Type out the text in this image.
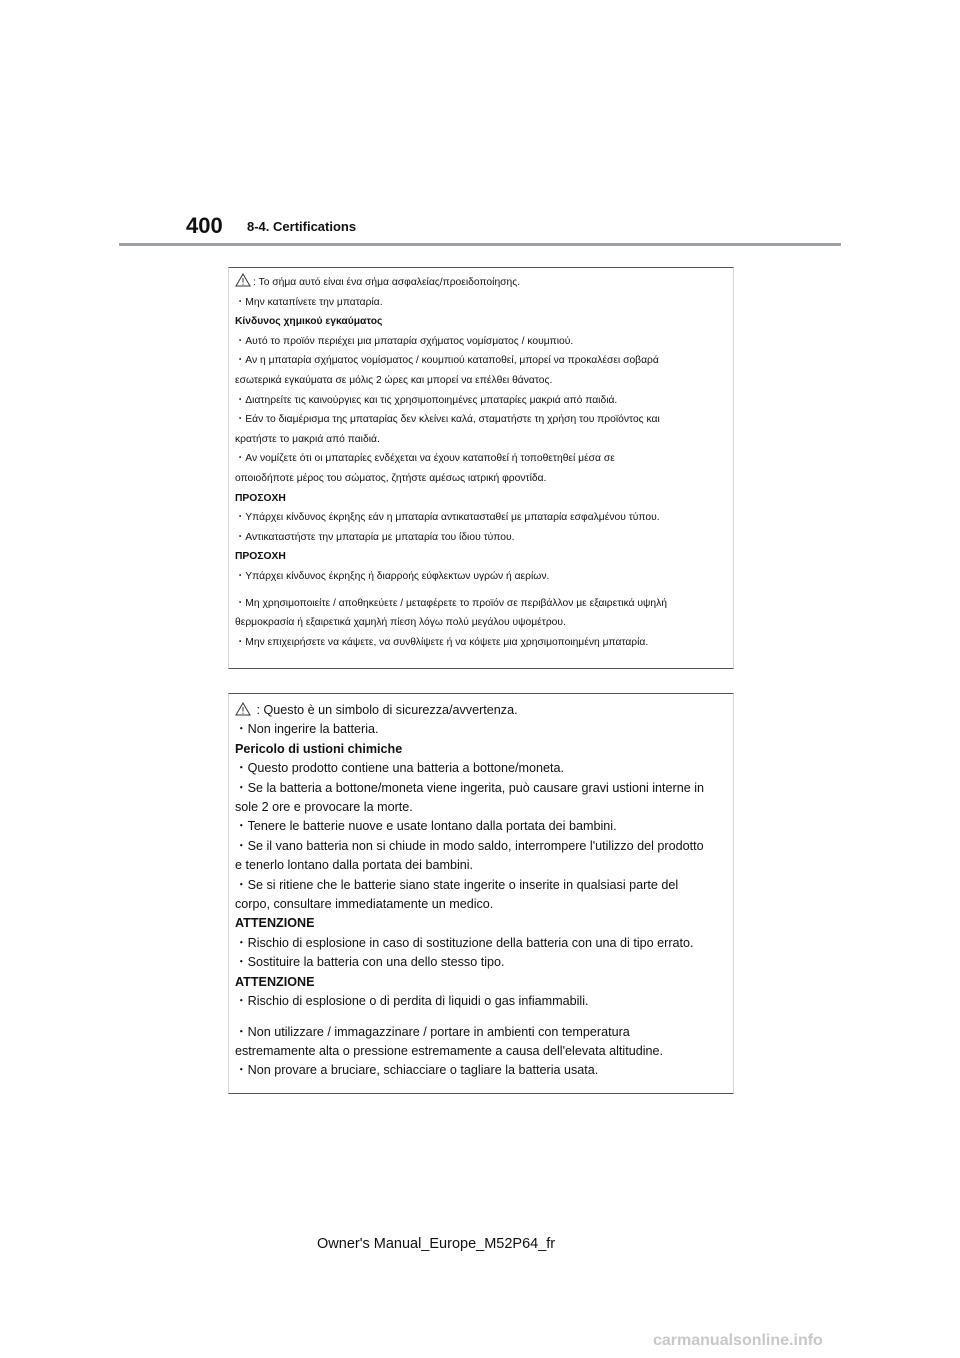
400 8-4. Certifications
: Το σήμα αυτό είναι ένα σήμα ασφαλείας/προειδοποίησης.
・Μην καταπίνετε την μπαταρία.
Κίνδυνος χημικού εγκαύματος
・Αυτό το προϊόν περιέχει μια μπαταρία σχήματος νομίσματος / κουμπιού.
・Αν η μπαταρία σχήματος νομίσματος / κουμπιού καταποθεί, μπορεί να προκαλέσει σοβαρά
εσωτερικά εγκαύματα σε μόλις 2 ώρες και μπορεί να επέλθει θάνατος.
・Διατηρείτε τις καινούργιες και τις χρησιμοποιημένες μπαταρίες μακριά από παιδιά.
・Εάν το διαμέρισμα της μπαταρίας δεν κλείνει καλά, σταματήστε τη χρήση του προϊόντος και
κρατήστε το μακριά από παιδιά.
・Αν νομίζετε ότι οι μπαταρίες ενδέχεται να έχουν καταποθεί ή τοποθετηθεί μέσα σε
οποιοδήποτε μέρος του σώματος, ζητήστε αμέσως ιατρική φροντίδα.
ΠΡΟΣΟΧΗ
・Υπάρχει κίνδυνος έκρηξης εάν η μπαταρία αντικατασταθεί με μπαταρία εσφαλμένου τύπου.
・Αντικαταστήστε την μπαταρία με μπαταρία του ίδιου τύπου.
ΠΡΟΣΟΧΗ
・Υπάρχει κίνδυνος έκρηξης ή διαρροής εύφλεκτων υγρών ή αερίων.
・Μη χρησιμοποιείτε / αποθηκεύετε / μεταφέρετε το προϊόν σε περιβάλλον με εξαιρετικά υψηλή
θερμοκρασία ή εξαιρετικά χαμηλή πίεση λόγω πολύ μεγάλου υψομέτρου.
・Μην επιχειρήσετε να κάψετε, να συνθλίψετε ή να κόψετε μια χρησιμοποιημένη μπαταρία.
: Questo è un simbolo di sicurezza/avvertenza.
・Non ingerire la batteria.
Pericolo di ustioni chimiche
・Questo prodotto contiene una batteria a bottone/moneta.
・Se la batteria a bottone/moneta viene ingerita, può causare gravi ustioni interne in
sole 2 ore e provocare la morte.
・Tenere le batterie nuove e usate lontano dalla portata dei bambini.
・Se il vano batteria non si chiude in modo saldo, interrompere l'utilizzo del prodotto
e tenerlo lontano dalla portata dei bambini.
・Se si ritiene che le batterie siano state ingerite o inserite in qualsiasi parte del
corpo, consultare immediatamente un medico.
ATTENZIONE
・Rischio di esplosione in caso di sostituzione della batteria con una di tipo errato.
・Sostituire la batteria con una dello stesso tipo.
ATTENZIONE
・Rischio di esplosione o di perdita di liquidi o gas infiammabili.
・Non utilizzare / immagazzinare / portare in ambienti con temperatura
estremamente alta o pressione estremamente a causa dell'elevata altitudine.
・Non provare a bruciare, schiacciare o tagliare la batteria usata.
Owner's Manual_Europe_M52P64_fr
carmanualsonline.info
